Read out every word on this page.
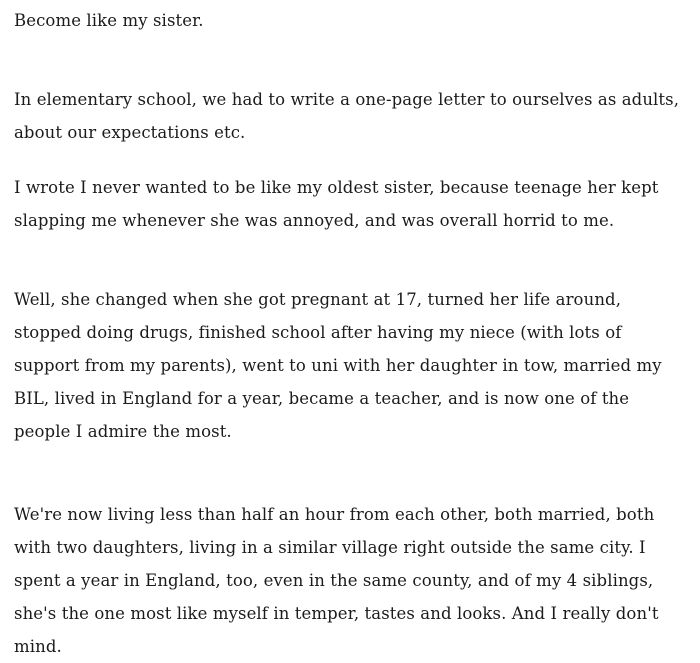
Become like my sister.

In elementary school, we had to write a one-page letter to ourselves as adults, about our expectations etc.

I wrote I never wanted to be like my oldest sister, because teenage her kept slapping me whenever she was annoyed, and was overall horrid to me.

Well, she changed when she got pregnant at 17, turned her life around, stopped doing drugs, finished school after having my niece (with lots of support from my parents), went to uni with her daughter in tow, married my BIL, lived in England for a year, became a teacher, and is now one of the people I admire the most.

We're now living less than half an hour from each other, both married, both with two daughters, living in a similar village right outside the same city. I spent a year in England, too, even in the same county, and of my 4 siblings, she's the one most like myself in temper, tastes and looks. And I really don't mind.
